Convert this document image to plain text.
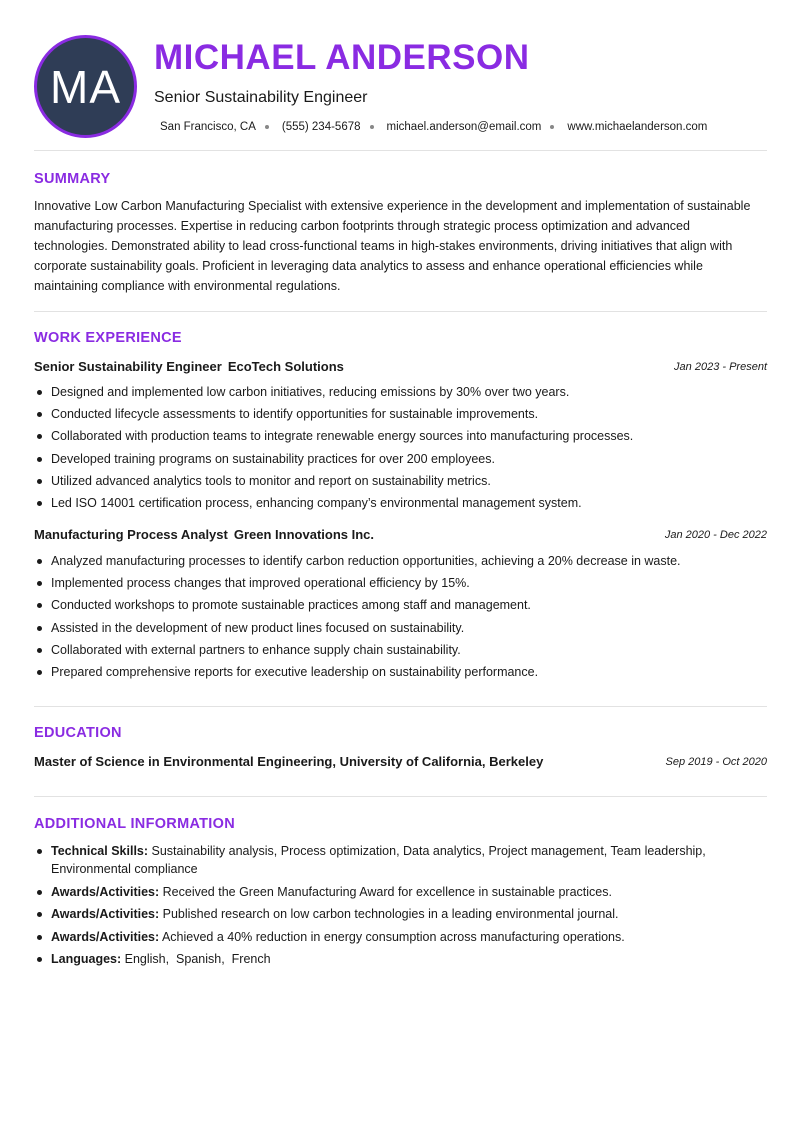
MA
MICHAEL ANDERSON
Senior Sustainability Engineer
San Francisco, CA (555) 234-5678 michael.anderson@email.com www.michaelanderson.com
SUMMARY
Innovative Low Carbon Manufacturing Specialist with extensive experience in the development and implementation of sustainable manufacturing processes. Expertise in reducing carbon footprints through strategic process optimization and advanced technologies. Demonstrated ability to lead cross-functional teams in high-stakes environments, driving initiatives that align with corporate sustainability goals. Proficient in leveraging data analytics to assess and enhance operational efficiencies while maintaining compliance with environmental regulations.
WORK EXPERIENCE
Senior Sustainability Engineer EcoTech Solutions	Jan 2023 - Present
Designed and implemented low carbon initiatives, reducing emissions by 30% over two years.
Conducted lifecycle assessments to identify opportunities for sustainable improvements.
Collaborated with production teams to integrate renewable energy sources into manufacturing processes.
Developed training programs on sustainability practices for over 200 employees.
Utilized advanced analytics tools to monitor and report on sustainability metrics.
Led ISO 14001 certification process, enhancing company’s environmental management system.
Manufacturing Process Analyst Green Innovations Inc.	Jan 2020 - Dec 2022
Analyzed manufacturing processes to identify carbon reduction opportunities, achieving a 20% decrease in waste.
Implemented process changes that improved operational efficiency by 15%.
Conducted workshops to promote sustainable practices among staff and management.
Assisted in the development of new product lines focused on sustainability.
Collaborated with external partners to enhance supply chain sustainability.
Prepared comprehensive reports for executive leadership on sustainability performance.
EDUCATION
Master of Science in Environmental Engineering, University of California, Berkeley	Sep 2019 - Oct 2020
ADDITIONAL INFORMATION
Technical Skills: Sustainability analysis, Process optimization, Data analytics, Project management, Team leadership, Environmental compliance
Awards/Activities: Received the Green Manufacturing Award for excellence in sustainable practices.
Awards/Activities: Published research on low carbon technologies in a leading environmental journal.
Awards/Activities: Achieved a 40% reduction in energy consumption across manufacturing operations.
Languages: English,  Spanish,  French
